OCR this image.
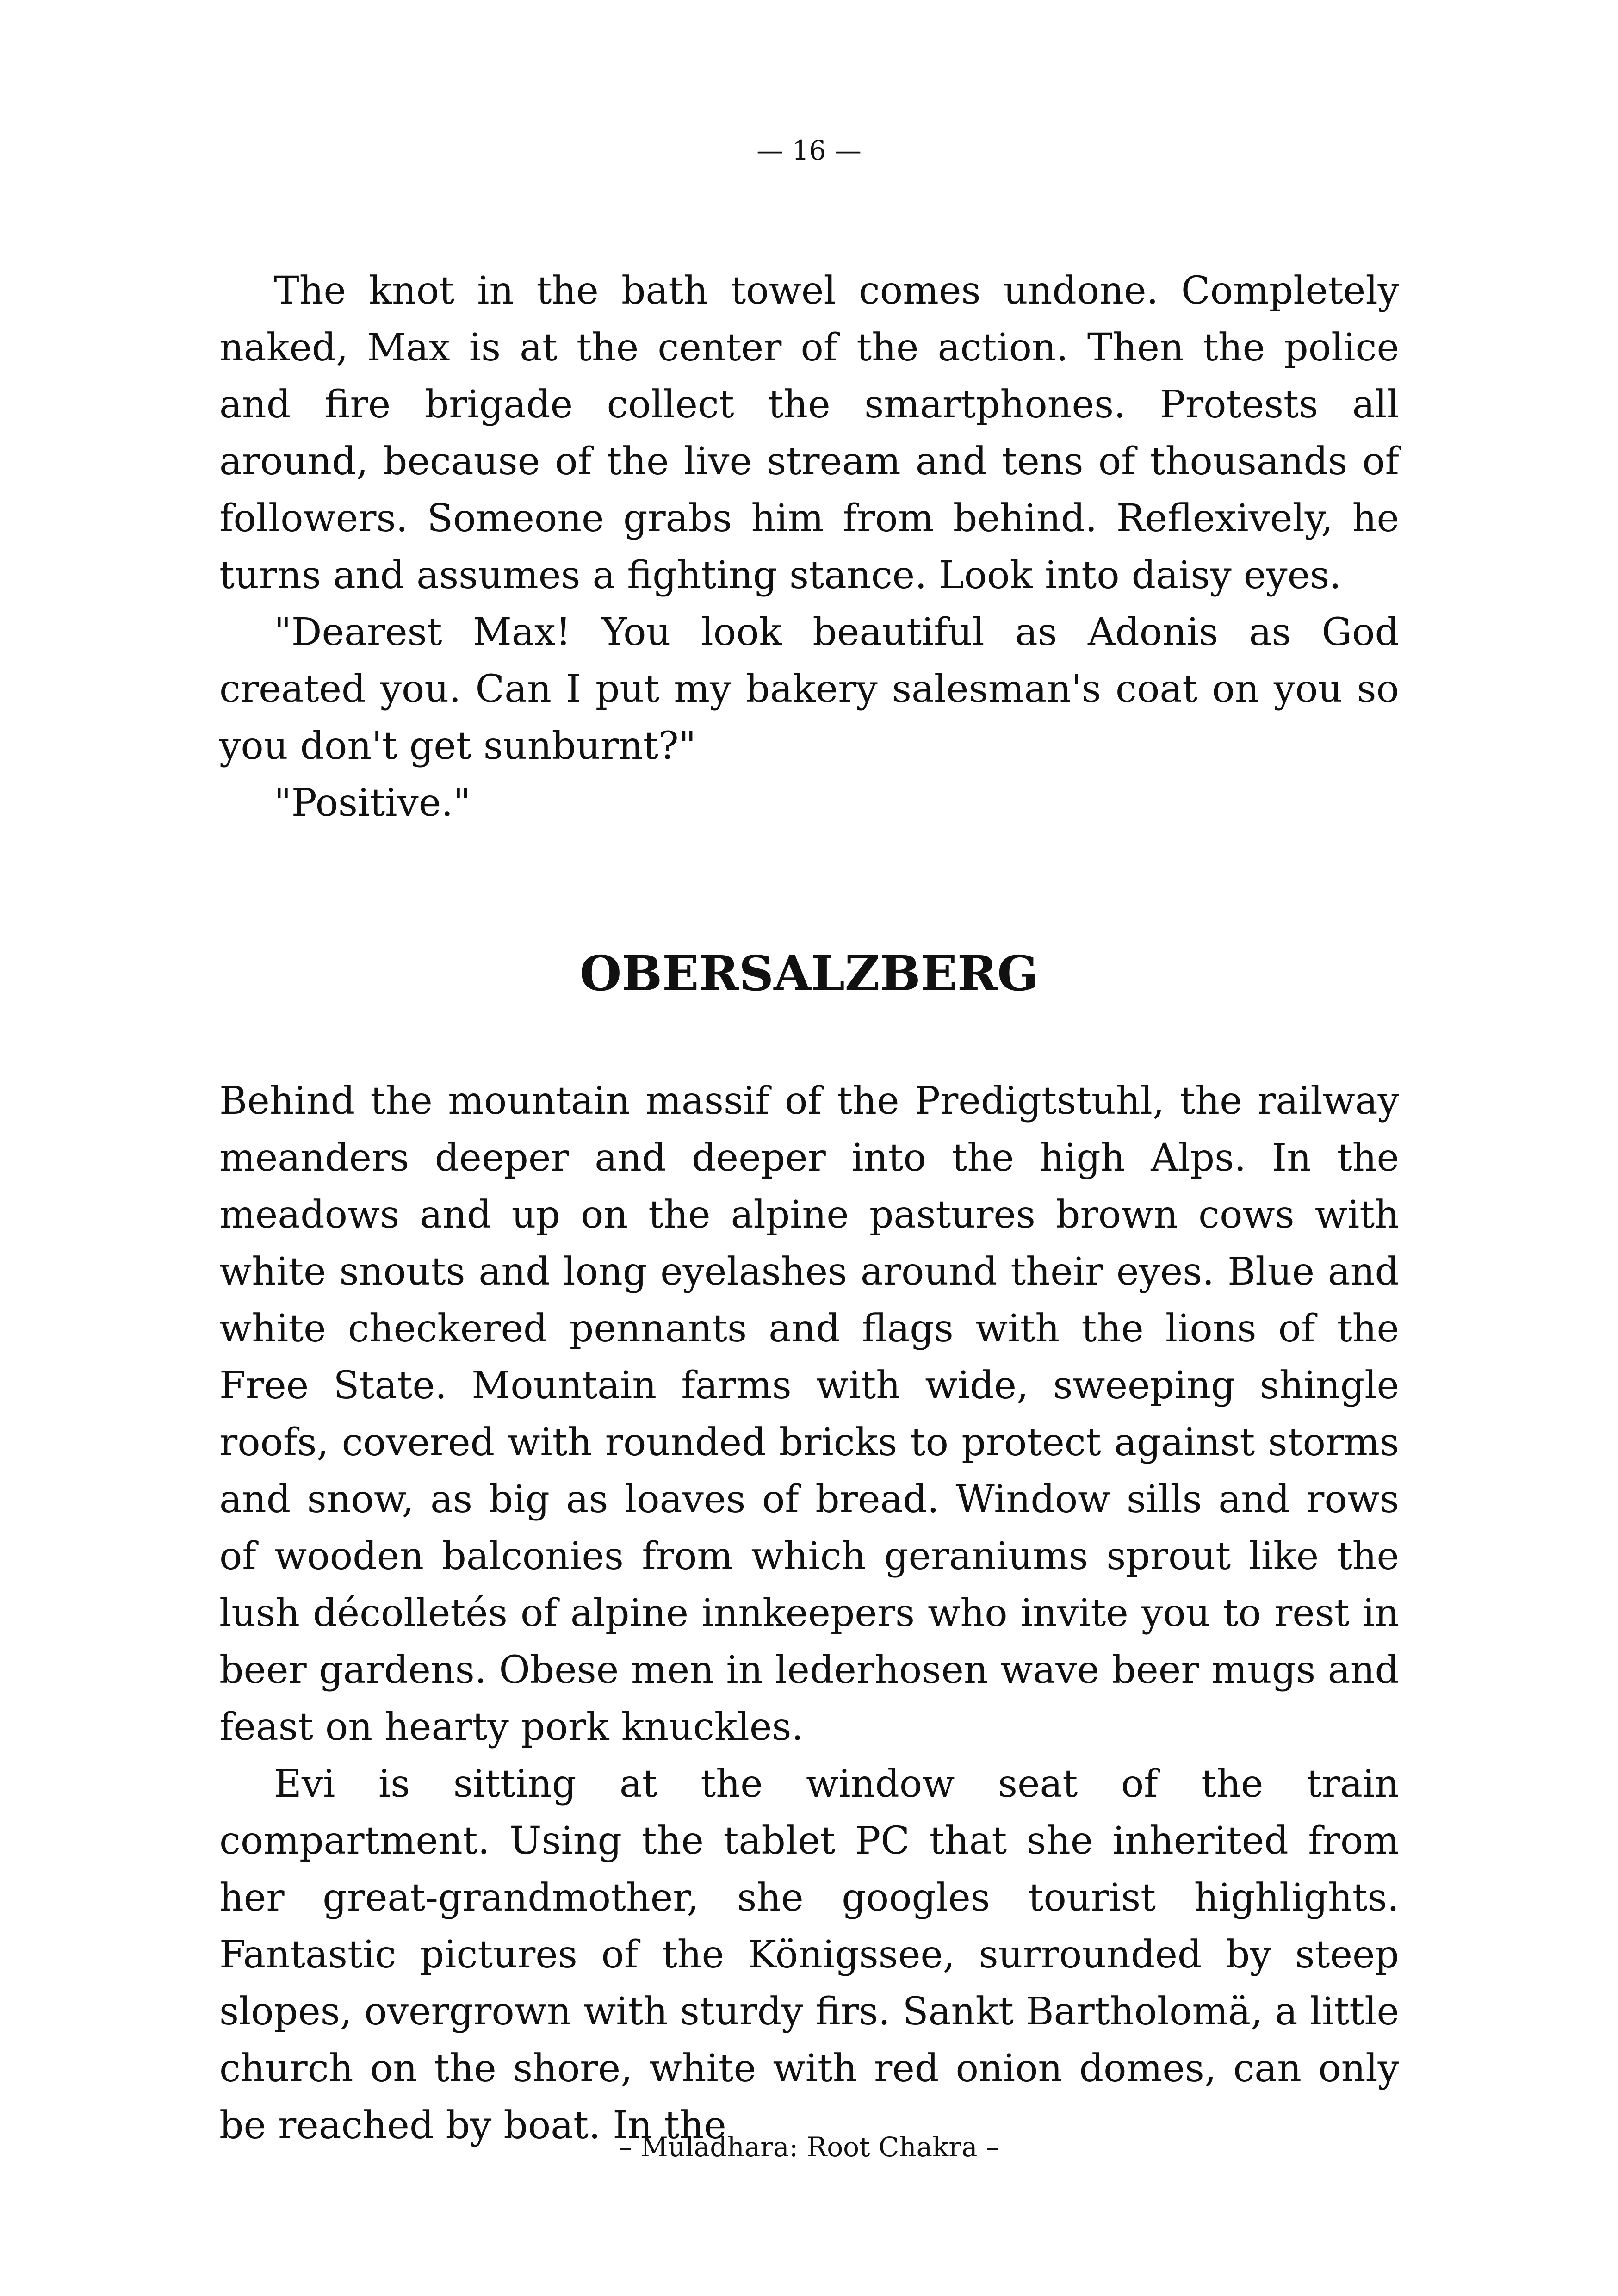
— 16 —

The knot in the bath towel comes undone. Completely naked, Max is at the center of the action. Then the police and fire brigade collect the smartphones. Protests all around, because of the live stream and tens of thousands of followers. Someone grabs him from behind. Reflexively, he turns and assumes a fighting stance. Look into daisy eyes.

"Dearest Max! You look beautiful as Adonis as God created you. Can I put my bakery salesman's coat on you so you don't get sunburnt?"

"Positive."

OBERSALZBERG

Behind the mountain massif of the Predigtstuhl, the railway meanders deeper and deeper into the high Alps. In the meadows and up on the alpine pastures brown cows with white snouts and long eyelashes around their eyes. Blue and white checkered pennants and flags with the lions of the Free State. Mountain farms with wide, sweeping shingle roofs, covered with rounded bricks to protect against storms and snow, as big as loaves of bread. Window sills and rows of wooden balconies from which geraniums sprout like the lush décolletés of alpine innkeepers who invite you to rest in beer gardens. Obese men in lederhosen wave beer mugs and feast on hearty pork knuckles.

Evi is sitting at the window seat of the train compartment. Using the tablet PC that she inherited from her great-grandmother, she googles tourist highlights. Fantastic pictures of the Königssee, surrounded by steep slopes, overgrown with sturdy firs. Sankt Bartholomä, a little church on the shore, white with red onion domes, can only be reached by boat. In the

– Muladhara: Root Chakra –
